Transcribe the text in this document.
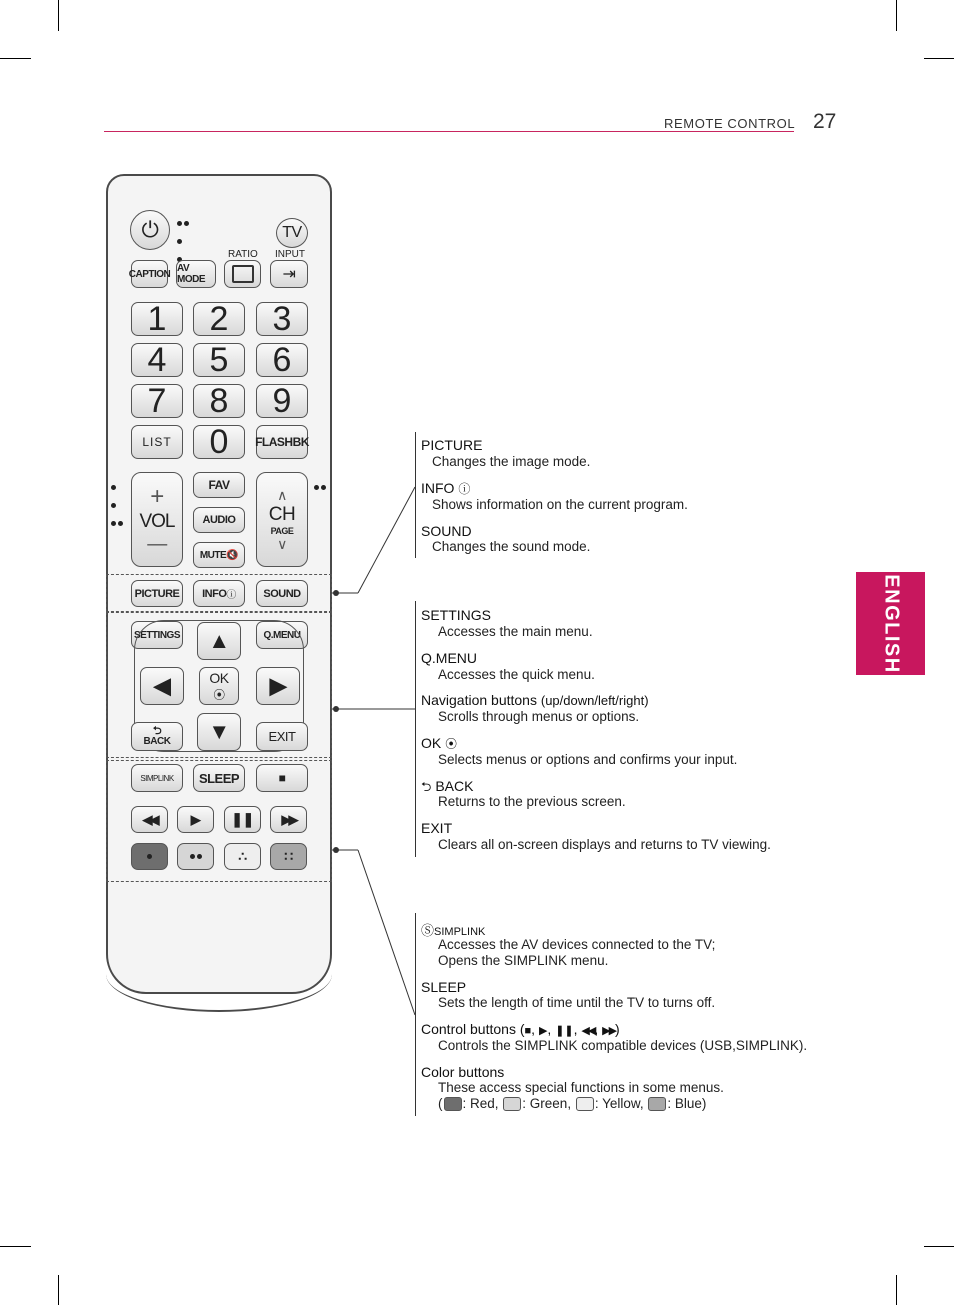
REMOTE CONTROL 27
ENGLISH
⏻	TV
RATIO INPUT
CAPTION AV MODE	⇥
1	2	3
4	5	6
7	8	9
LIST	0	FLASHBK

+
VOL
—
FAV
AUDIO
MUTE 🔇
∧
CH
PAGE
∨
PICTURE	INFO ⓘ	SOUND
SETTINGS	Q.MENU
▲
◀	OK
⦿ ▶
▼
⮌
BACK	EXIT
SIMPLINK	SLEEP	■
◀◀	▶ ❚❚ ▶▶
∴	∷
PICTURE
Changes the image mode.
INFO ⓘ
Shows information on the current program.
SOUND
Changes the sound mode.
SETTINGS
Accesses the main menu.
Q.MENU
Accesses the quick menu.
Navigation buttons (up/down/left/right)
Scrolls through menus or options.
OK ⦿
Selects menus or options and confirms your input.
⮌ BACK
Returns to the previous screen.
EXIT
Clears all on-screen displays and returns to TV viewing.
ⓈSIMPLINK
Accesses the AV devices connected to the TV;
Opens the SIMPLINK menu.
SLEEP
Sets the length of time until the TV to turns off.
Control buttons (■, ▶, ❚❚, ◀◀, ▶▶)
Controls the SIMPLINK compatible devices (USB,SIMPLINK).
Color buttons
These access special functions in some menus.
( : Red, : Green, : Yellow, : Blue)
